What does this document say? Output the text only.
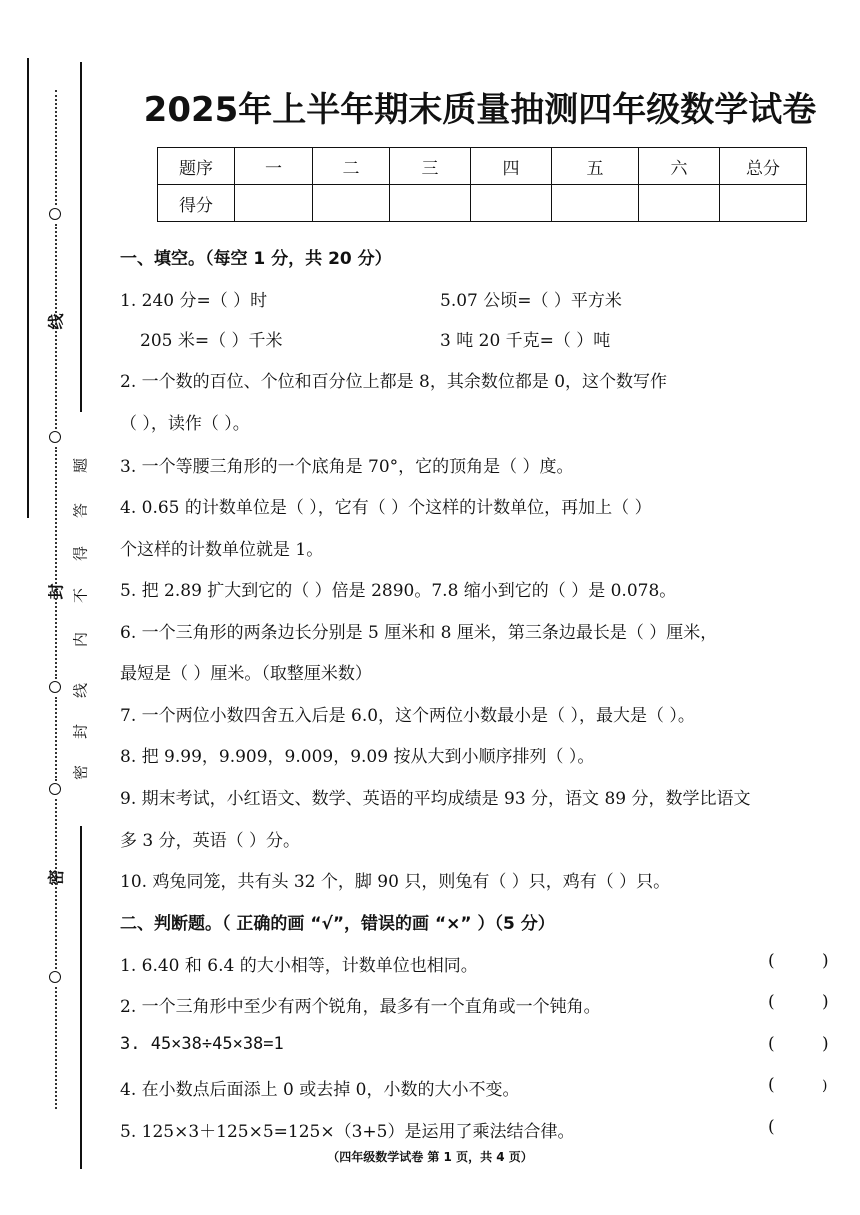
线
题
答
得
封 不
内
线
封
密
密
2025年上半年期末质量抽测四年级数学试卷
题序	一	二	三	四	五	六	总分
得分							
一、填空。（每空 1 分，共 20 分）
1. 240 分=（ ）时	5.07 公顷=（ ）平方米
205 米=（ ）千米	3 吨 20 千克=（ ）吨
2. 一个数的百位、个位和百分位上都是 8，其余数位都是 0，这个数写作
（ ），读作（ ）。
3. 一个等腰三角形的一个底角是 70°，它的顶角是（ ）度。
4. 0.65 的计数单位是（ ），它有（ ）个这样的计数单位，再加上（ ）
个这样的计数单位就是 1。
5. 把 2.89 扩大到它的（ ）倍是 2890。7.8 缩小到它的（ ）是 0.078。
6. 一个三角形的两条边长分别是 5 厘米和 8 厘米，第三条边最长是（ ）厘米，
最短是（ ）厘米。（取整厘米数）
7. 一个两位小数四舍五入后是 6.0，这个两位小数最小是（ ），最大是（ ）。
8. 把 9.99，9.909，9.009，9.09 按从大到小顺序排列（ ）。
9. 期末考试，小红语文、数学、英语的平均成绩是 93 分，语文 89 分，数学比语文
多 3 分，英语（ ）分。
10. 鸡兔同笼，共有头 32 个，脚 90 只，则兔有（ ）只，鸡有（ ）只。
二、判断题。（ 正确的画 “√”，错误的画 “×” ）（5 分）
1. 6.40 和 6.4 的大小相等，计数单位也相同。	(	)
2. 一个三角形中至少有两个锐角，最多有一个直角或一个钝角。	(	)
3. 45×38÷45×38=1	(	)
4. 在小数点后面添上 0 或去掉 0，小数的大小不变。	(	)
5. 125×3＋125×5=125×（3+5）是运用了乘法结合律。	(
（四年级数学试卷 第 1 页，共 4 页）
